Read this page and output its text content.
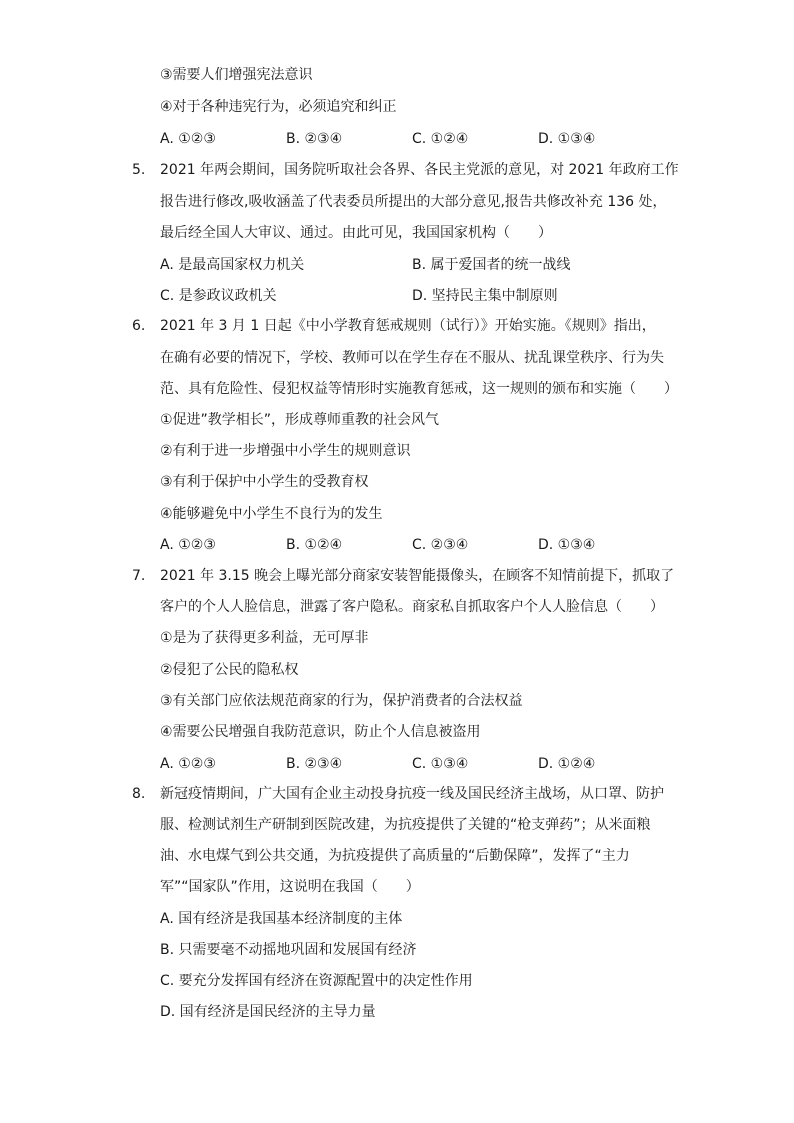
③需要人们增强宪法意识
④对于各种违宪行为，必须追究和纠正
A. ①②③	B. ②③④	C. ①②④	D. ①③④
5. 2021 年两会期间，国务院听取社会各界、各民主党派的意见，对 2021 年政府工作
报告进行修改,吸收涵盖了代表委员所提出的大部分意见,报告共修改补充 136 处，
最后经全国人大审议、通过。由此可见，我国国家机构（　　）
A. 是最高国家权力机关	B. 属于爱国者的统一战线
C. 是参政议政机关	D. 坚持民主集中制原则
6. 2021 年 3 月 1 日起《中小学教育惩戒规则（试行）》开始实施。《规则》指出，
在确有必要的情况下，学校、教师可以在学生存在不服从、扰乱课堂秩序、行为失
范、具有危险性、侵犯权益等情形时实施教育惩戒，这一规则的颁布和实施（　　）
①促进”教学相长”，形成尊师重教的社会风气
②有利于进一步增强中小学生的规则意识
③有利于保护中小学生的受教育权
④能够避免中小学生不良行为的发生
A. ①②③	B. ①②④	C. ②③④	D. ①③④
7. 2021 年 3.15 晚会上曝光部分商家安装智能摄像头，在顾客不知情前提下，抓取了
客户的个人人脸信息，泄露了客户隐私。商家私自抓取客户个人人脸信息（　　）
①是为了获得更多利益，无可厚非
②侵犯了公民的隐私权
③有关部门应依法规范商家的行为，保护消费者的合法权益
④需要公民增强自我防范意识，防止个人信息被盗用
A. ①②③	B. ②③④	C. ①③④	D. ①②④
8. 新冠疫情期间，广大国有企业主动投身抗疫一线及国民经济主战场，从口罩、防护
服、检测试剂生产研制到医院改建，为抗疫提供了关键的“枪支弹药”；从米面粮
油、水电煤气到公共交通，为抗疫提供了高质量的“后勤保障”，发挥了“主力
军”“国家队”作用，这说明在我国（　　）
A. 国有经济是我国基本经济制度的主体
B. 只需要毫不动摇地巩固和发展国有经济
C. 要充分发挥国有经济在资源配置中的决定性作用
D. 国有经济是国民经济的主导力量
